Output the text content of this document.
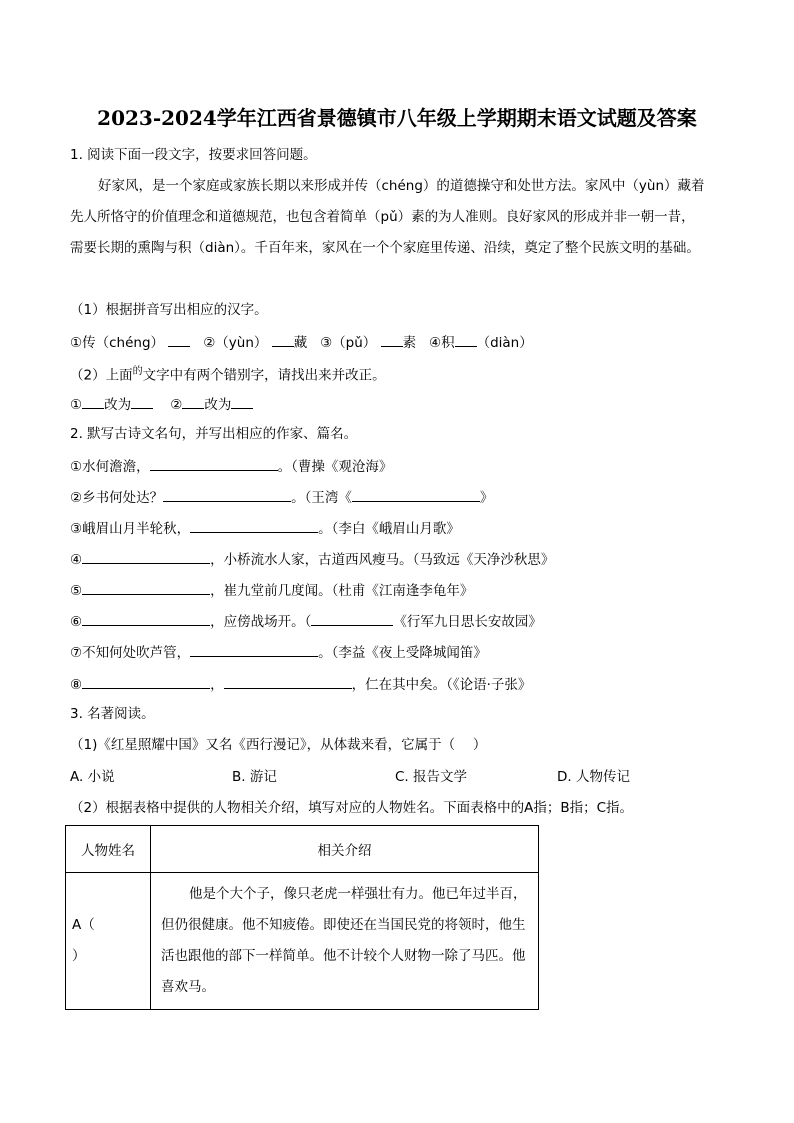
2023-2024学年江西省景德镇市八年级上学期期末语文试题及答案
1. 阅读下面一段文字，按要求回答问题。
好家风，是一个家庭或家族长期以来形成并传（chéng）的道德操守和处世方法。家风中（yùn）藏着
先人所恪守的价值理念和道德规范，也包含着简单（pǔ）素的为人准则。良好家风的形成并非一朝一昔，
需要长期的熏陶与积（diàn）。千百年来，家风在一个个家庭里传递、沿续，奠定了整个民族文明的基础。
（1）根据拼音写出相应的汉字。
①传（chéng）	②（yùn） 藏 ③（pǔ） 素 ④积 （diàn）
（2）上面$^的$文字中有两个错别字，请找出来并改正。
① 改为	② 改为
2. 默写古诗文名句，并写出相应的作家、篇名。
①水何澹澹，	。（曹操《观沧海》
②乡书何处达？	。（王湾《	》
③峨眉山月半轮秋，	。（李白《峨眉山月歌》
④	，小桥流水人家，古道西风瘦马。（马致远《天净沙秋思》
⑤	，崔九堂前几度闻。（杜甫《江南逢李龟年》
⑥	，应傍战场开。（	《行军九日思长安故园》
⑦不知何处吹芦管，	。（李益《夜上受降城闻笛》
⑧	，	，仁在其中矣。（《论语·子张》
3. 名著阅读。
（1)《红星照耀中国》又名《西行漫记》，从体裁来看，它属于（　 ）
A. 小说	B. 游记	C. 报告文学	D. 人物传记
（2）根据表格中提供的人物相关介绍，填写对应的人物姓名。下面表格中的A指；B指；C指。
人物姓名	相关介绍
A（
）	他是个大个子，像只老虎一样强壮有力。他已年过半百，但仍很健康。他不知疲倦。即使还在当国民党的将领时，他生活也跟他的部下一样简单。他不计较个人财物一除了马匹。他喜欢马。
